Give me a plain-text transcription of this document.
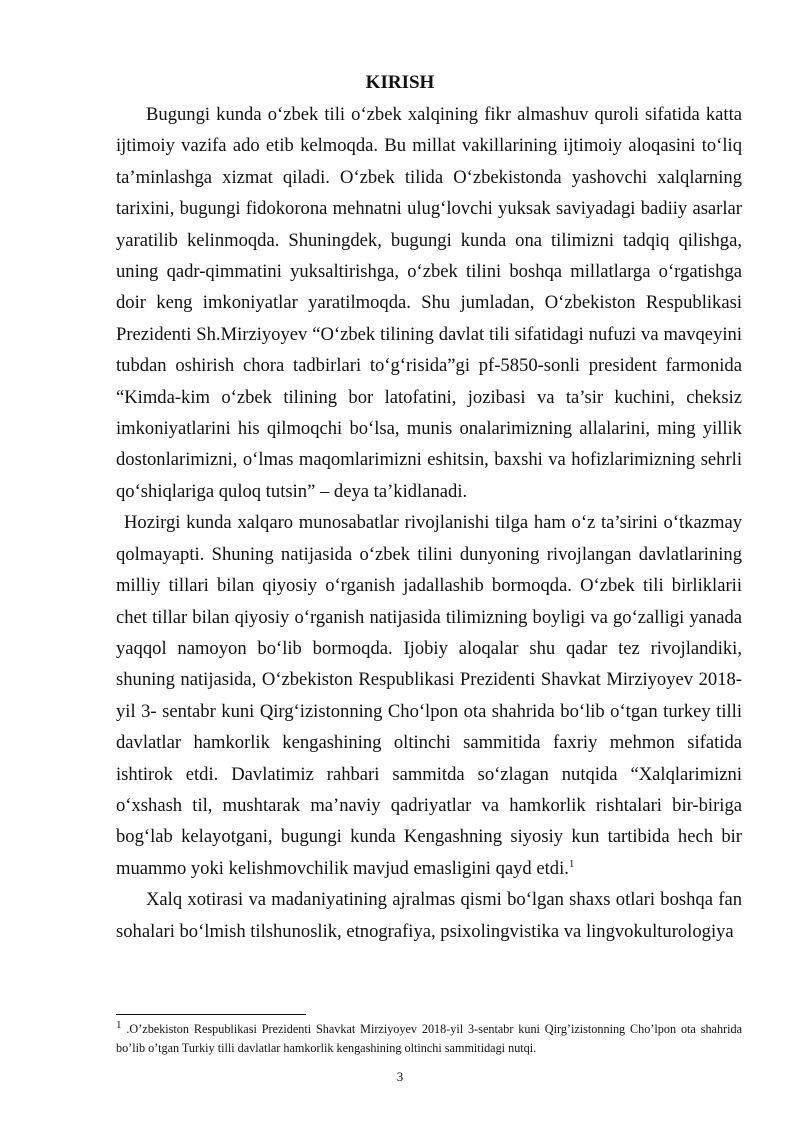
KIRISH

Bugungi kunda o‘zbek tili o‘zbek xalqining fikr almashuv quroli sifatida katta ijtimoiy vazifa ado etib kelmoqda. Bu millat vakillarining ijtimoiy aloqasini to‘liq ta’minlashga xizmat qiladi. O‘zbek tilida O‘zbekistonda yashovchi xalqlarning tarixini, bugungi fidokorona mehnatni ulug‘lovchi yuksak saviyadagi badiiy asarlar yaratilib kelinmoqda. Shuningdek, bugungi kunda ona tilimizni tadqiq qilishga, uning qadr-qimmatini yuksaltirishga, o‘zbek tilini boshqa millatlarga o‘rgatishga doir keng imkoniyatlar yaratilmoqda. Shu jumladan, O‘zbekiston Respublikasi Prezidenti Sh.Mirziyoyev “O‘zbek tilining davlat tili sifatidagi nufuzi va mavqeyini tubdan oshirish chora tadbirlari to‘g‘risida”gi pf-5850-sonli president farmonida “Kimda-kim o‘zbek tilining bor latofatini, jozibasi va ta’sir kuchini, cheksiz imkoniyatlarini his qilmoqchi bo‘lsa, munis onalarimizning allalarini, ming yillik dostonlarimizni, o‘lmas maqomlarimizni eshitsin, baxshi va hofizlarimizning sehrli qo‘shiqlariga quloq tutsin” – deya ta’kidlanadi.

Hozirgi kunda xalqaro munosabatlar rivojlanishi tilga ham o‘z ta’sirini o‘tkazmay qolmayapti. Shuning natijasida o‘zbek tilini dunyoning rivojlangan davlatlarining milliy tillari bilan qiyosiy o‘rganish jadallashib bormoqda. O‘zbek tili birliklarii chet tillar bilan qiyosiy o‘rganish natijasida tilimizning boyligi va go‘zalligi yanada yaqqol namoyon bo‘lib bormoqda. Ijobiy aloqalar shu qadar tez rivojlandiki, shuning natijasida, O‘zbekiston Respublikasi Prezidenti Shavkat Mirziyoyev 2018-yil 3- sentabr kuni Qirg‘izistonning Cho‘lpon ota shahrida bo‘lib o‘tgan turkey tilli davlatlar hamkorlik kengashining oltinchi sammitida faxriy mehmon sifatida ishtirok etdi. Davlatimiz rahbari sammitda so‘zlagan nutqida “Xalqlarimizni o‘xshash til, mushtarak ma’naviy qadriyatlar va hamkorlik rishtalari bir-biriga bog‘lab kelayotgani, bugungi kunda Kengashning siyosiy kun tartibida hech bir muammo yoki kelishmovchilik mavjud emasligini qayd etdi.$^1$

Xalq xotirasi va madaniyatining ajralmas qismi bo‘lgan shaxs otlari boshqa fan sohalari bo‘lmish tilshunoslik, etnografiya, psixolingvistika va lingvokulturologiya

$^1$ .O’zbekiston Respublikasi Prezidenti Shavkat Mirziyoyev 2018-yil 3-sentabr kuni Qirg’izistonning Cho’lpon ota shahrida bo’lib o’tgan Turkiy tilli davlatlar hamkorlik kengashining oltinchi sammitidagi nutqi.

3
